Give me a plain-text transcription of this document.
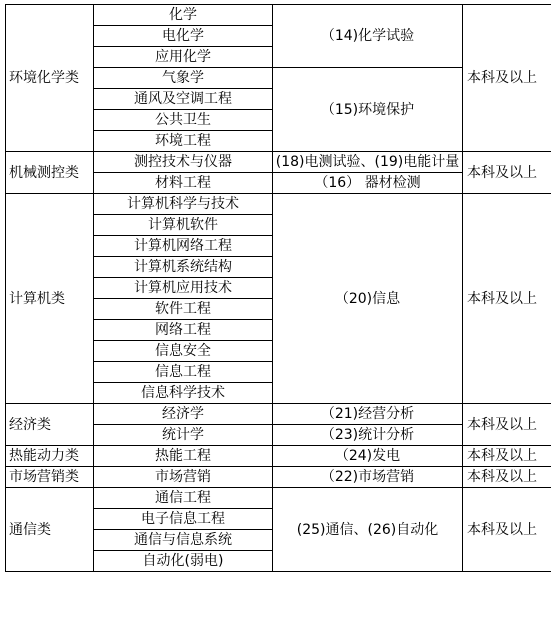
环境化学类	化学	（14)化学试验	本科及以上
	电化学		
	应用化学		
	气象学	（15)环境保护	
	通风及空调工程		
	公共卫生		
	环境工程		
机械测控类	测控技术与仪器	(18)电测试验、(19)电能计量	本科及以上
	材料工程	（16） 器材检测	
计算机类	计算机科学与技术	（20)信息	本科及以上
	计算机软件		
	计算机网络工程		
	计算机系统结构		
	计算机应用技术		
	软件工程		
	网络工程		
	信息安全		
	信息工程		
	信息科学技术		
经济类	经济学	（21)经营分析	本科及以上
	统计学	（23)统计分析	
热能动力类	热能工程	（24)发电	本科及以上
市场营销类	市场营销	（22)市场营销	本科及以上
通信类	通信工程	(25)通信、(26)自动化	本科及以上
	电子信息工程		
	通信与信息系统		
	自动化(弱电)		
